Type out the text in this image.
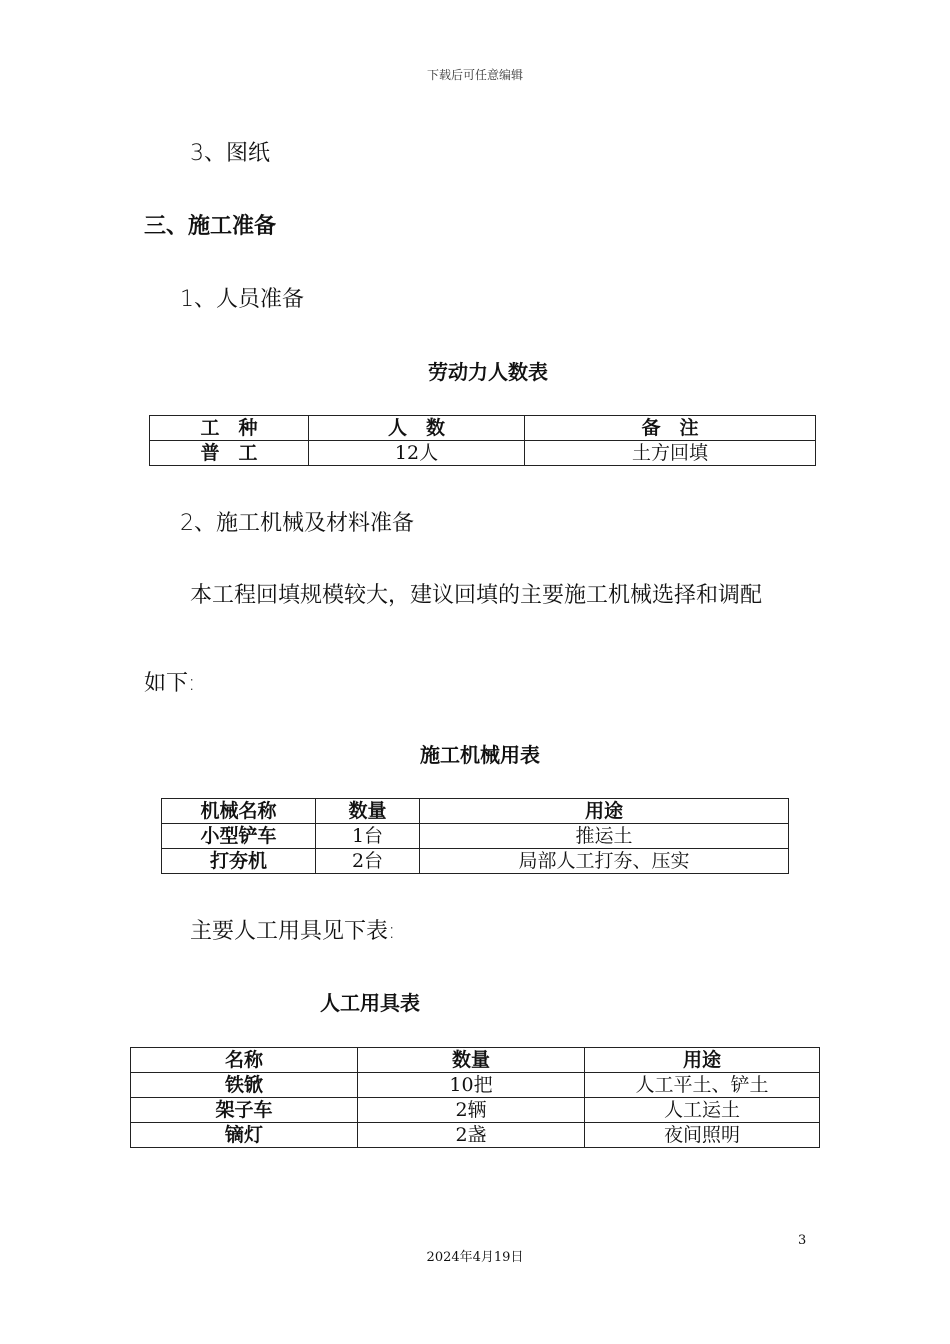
下载后可任意编辑
3、图纸
三、施工准备
1、人员准备
劳动力人数表
工　种	人　数	备　注
普　工	12人	土方回填
2、施工机械及材料准备
本工程回填规模较大，建议回填的主要施工机械选择和调配
如下:
施工机械用表
机械名称	数量	用途
小型铲车	1台	推运土
打夯机	2台	局部人工打夯、压实
主要人工用具见下表:
人工用具表
名称	数量	用途
铁锨	10把	人工平土、铲土
架子车	2辆	人工运土
镝灯	2盏	夜间照明
3
2024年4月19日
